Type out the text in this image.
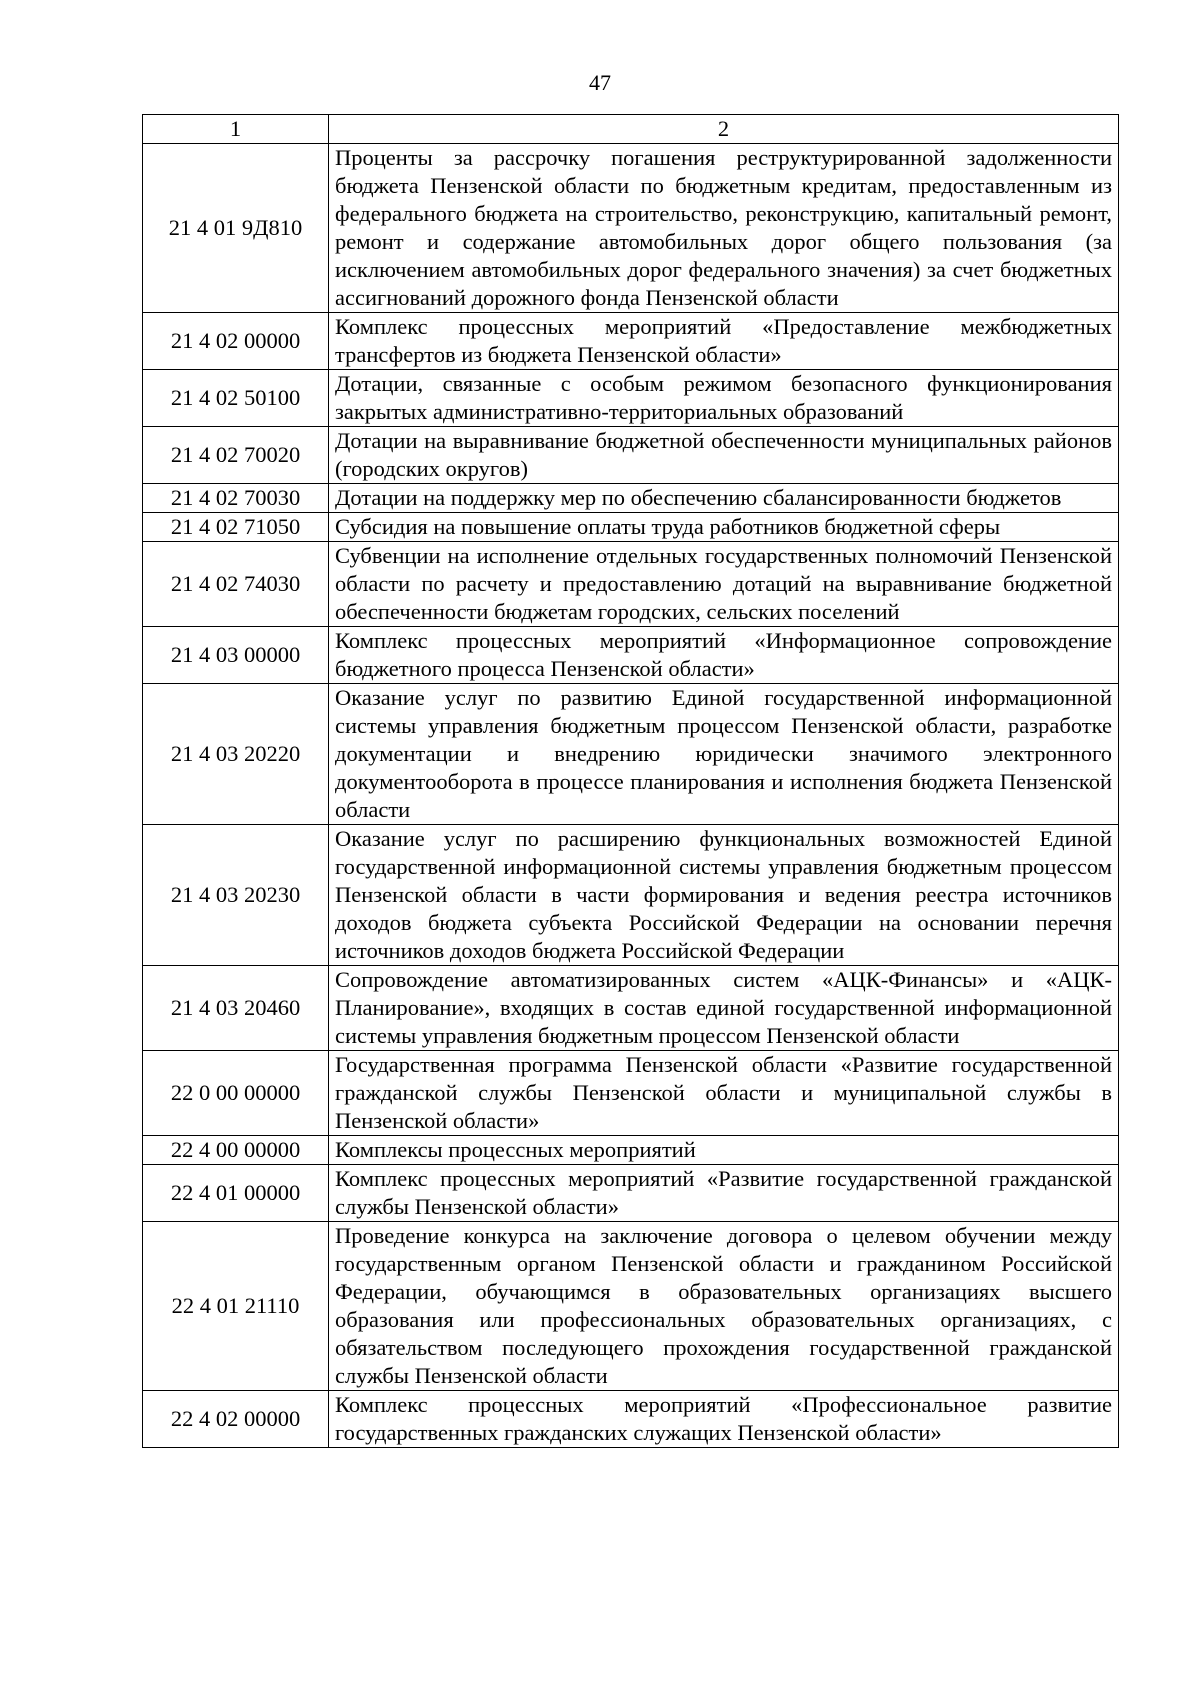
47
1	2
21 4 01 9Д810	Проценты за рассрочку погашения реструктурированной задолженности бюджета Пензенской области по бюджетным кредитам, предоставленным из федерального бюджета на строительство, реконструкцию, капитальный ремонт, ремонт и содержание автомобильных дорог общего пользования (за исключением автомобильных дорог федерального значения) за счет бюджетных ассигнований дорожного фонда Пензенской области
21 4 02 00000	Комплекс процессных мероприятий «Предоставление межбюджетных трансфертов из бюджета Пензенской области»
21 4 02 50100	Дотации, связанные с особым режимом безопасного функционирования закрытых административно-территориальных образований
21 4 02 70020	Дотации на выравнивание бюджетной обеспеченности муниципальных районов (городских округов)
21 4 02 70030	Дотации на поддержку мер по обеспечению сбалансированности бюджетов
21 4 02 71050	Субсидия на повышение оплаты труда работников бюджетной сферы
21 4 02 74030	Субвенции на исполнение отдельных государственных полномочий Пензенской области по расчету и предоставлению дотаций на выравнивание бюджетной обеспеченности бюджетам городских, сельских поселений
21 4 03 00000	Комплекс процессных мероприятий «Информационное сопровождение бюджетного процесса Пензенской области»
21 4 03 20220	Оказание услуг по развитию Единой государственной информационной системы управления бюджетным процессом Пензенской области, разработке документации и внедрению юридически значимого электронного документооборота в процессе планирования и исполнения бюджета Пензенской области
21 4 03 20230	Оказание услуг по расширению функциональных возможностей Единой государственной информационной системы управления бюджетным процессом Пензенской области в части формирования и ведения реестра источников доходов бюджета субъекта Российской Федерации на основании перечня источников доходов бюджета Российской Федерации
21 4 03 20460	Сопровождение автоматизированных систем «АЦК-Финансы» и «АЦК-Планирование», входящих в состав единой государственной информационной системы управления бюджетным процессом Пензенской области
22 0 00 00000	Государственная программа Пензенской области «Развитие государственной гражданской службы Пензенской области и муниципальной службы в Пензенской области»
22 4 00 00000	Комплексы процессных мероприятий
22 4 01 00000	Комплекс процессных мероприятий «Развитие государственной гражданской службы Пензенской области»
22 4 01 21110	Проведение конкурса на заключение договора о целевом обучении между государственным органом Пензенской области и гражданином Российской Федерации, обучающимся в образовательных организациях высшего образования или профессиональных образовательных организациях, с обязательством последующего прохождения государственной гражданской службы Пензенской области
22 4 02 00000	Комплекс процессных мероприятий «Профессиональное развитие государственных гражданских служащих Пензенской области»
